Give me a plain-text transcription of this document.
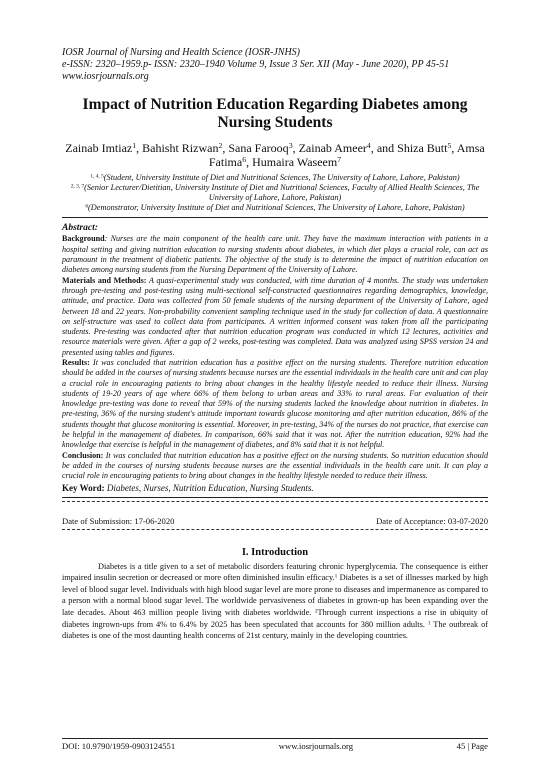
IOSR Journal of Nursing and Health Science (IOSR-JNHS)
e-ISSN: 2320–1959.p- ISSN: 2320–1940 Volume 9, Issue 3 Ser. XII (May - June 2020), PP 45-51
www.iosrjournals.org
Impact of Nutrition Education Regarding Diabetes among Nursing Students
Zainab Imtiaz$^1$, Bahisht Rizwan$^2$, Sana Farooq$^3$, Zainab Ameer$^4$, and Shiza Butt$^5$, Amsa Fatima$^6$, Humaira Waseem$^7$
$^{1, 4, 5}$(Student, University Institute of Diet and Nutritional Sciences, The University of Lahore, Lahore, Pakistan)
$^{2, 3, 7}$(Senior Lecturer/Dietitian, University Institute of Diet and Nutritional Sciences, Faculty of Allied Health Sciences, The University of Lahore, Lahore, Pakistan)
$^6$(Demonstrator, University Institute of Diet and Nutritional Sciences, The University of Lahore, Lahore, Pakistan)
Abstract:

Background: Nurses are the main component of the health care unit. They have the maximum interaction with patients in a hospital setting and giving nutrition education to nursing students about diabetes, in which diet plays a crucial role, can act as paramount in the treatment of diabetic patients. The objective of the study is to determine the impact of nutrition education on diabetes among nursing students from the Nursing Department of the University of Lahore.

Materials and Methods: A quasi-experimental study was conducted, with time duration of 4 months. The study was undertaken through pre-testing and post-testing using multi-sectional self-constructed questionnaires regarding demographics, knowledge, attitude, and practice. Data was collected from 50 female students of the nursing department of the University of Lahore, aged between 18 and 22 years. Non-probability convenient sampling technique used in the study for collection of data. A questionnaire on self-structure was used to collect data from participants. A written informed consent was taken from all the participating students. Pre-testing was conducted after that nutrition education program was conducted in which 12 lectures, activities and resource materials were given. After a gap of 2 weeks, post-testing was completed. Data was analyzed using SPSS version 24 and presented using tables and figures.

Results: It was concluded that nutrition education has a positive effect on the nursing students. Therefore nutrition education should be added in the courses of nursing students because nurses are the essential individuals in the health care unit and can play a crucial role in encouraging patients to bring about changes in the healthy lifestyle needed to reduce their illness. Nursing students of 19-20 years of age where 66% of them belong to urban areas and 33% to rural areas. For evaluation of their knowledge pre-testing was done to reveal that 59% of the nursing students lacked the knowledge about nutrition in diabetes. In pre-testing, 36% of the nursing student's attitude important towards glucose monitoring and after nutrition education, 86% of the students thought that glucose monitoring is essential. Moreover, in pre-testing, 34% of the nurses do not practice, that exercise can be helpful in the management of diabetes. In comparison, 66% said that it was not. After the nutrition education, 92% had the knowledge that exercise is helpful in the management of diabetes, and 8% said that it is not helpful.

Conclusion: It was concluded that nutrition education has a positive effect on the nursing students. So nutrition education should be added in the courses of nursing students because nurses are the essential individuals in the health care unit. It can play a crucial role in encouraging patients to bring about changes in the healthy lifestyle needed to reduce their illness.

Key Word: Diabetes, Nurses, Nutrition Education, Nursing Students.
Date of Submission: 17-06-2020	Date of Acceptance: 03-07-2020
I. Introduction

Diabetes is a title given to a set of metabolic disorders featuring chronic hyperglycemia. The consequence is either impaired insulin secretion or decreased or more often diminished insulin efficacy.$^1$ Diabetes is a set of illnesses marked by high level of blood sugar level. Individuals with high blood sugar level are more prone to diseases and impermanence as compared to a person with a normal blood sugar level. The worldwide pervasiveness of diabetes in grown-up has been expanding over the late decades. About 463 million people living with diabetes worldwide. $^2$Through current inspections a rise in ubiquity of diabetes ingrown-ups from 4% to 6.4% by 2025 has been speculated that accounts for 380 million adults. $^1$ The outbreak of diabetes is one of the most daunting health concerns of 21st century, mainly in the developing countries.

DOI: 10.9790/1959-0903124551	www.iosrjournals.org	45 | Page
